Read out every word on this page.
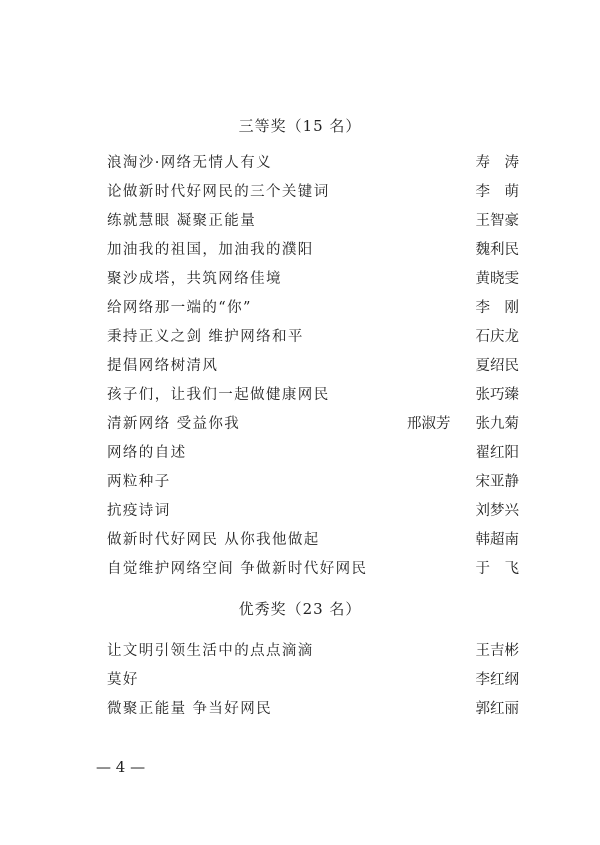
三等奖（15 名）
浪淘沙·网络无情人有义	寿　涛
论做新时代好网民的三个关键词	李　萌
练就慧眼 凝聚正能量	王智豪
加油我的祖国，加油我的濮阳	魏利民
聚沙成塔，共筑网络佳境	黄晓雯
给网络那一端的“你”	李　刚
秉持正义之剑 维护网络和平	石庆龙
提倡网络树清风	夏绍民
孩子们，让我们一起做健康网民	张巧臻
清新网络 受益你我	邢淑芳 张九菊
网络的自述	翟红阳
两粒种子	宋亚静
抗疫诗词	刘梦兴
做新时代好网民 从你我他做起	韩超南
自觉维护网络空间 争做新时代好网民	于　飞
优秀奖（23 名）
让文明引领生活中的点点滴滴	王吉彬
莫好	李红纲
微聚正能量 争当好网民	郭红丽
— 4 —
